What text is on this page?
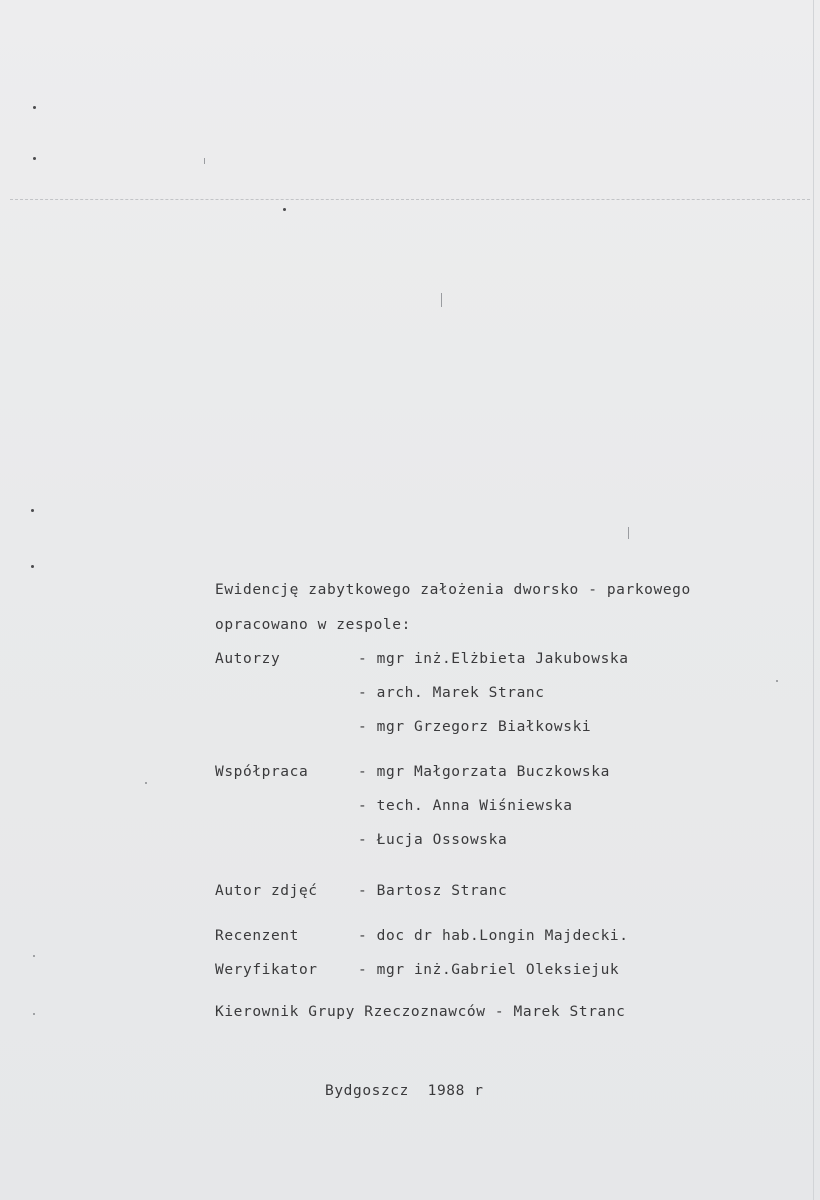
Ewidencję zabytkowego założenia dworsko - parkowego
opracowano w zespole:
Autorzy	- mgr inż.Elżbieta Jakubowska
- arch. Marek Stranc
- mgr Grzegorz Białkowski
Współpraca	- mgr Małgorzata Buczkowska
- tech. Anna Wiśniewska
- Łucja Ossowska
Autor zdjęć	- Bartosz Stranc
Recenzent	- doc dr hab.Longin Majdecki.
Weryfikator	- mgr inż.Gabriel Oleksiejuk
Kierownik Grupy Rzeczoznawców - Marek Stranc
Bydgoszcz  1988 r
